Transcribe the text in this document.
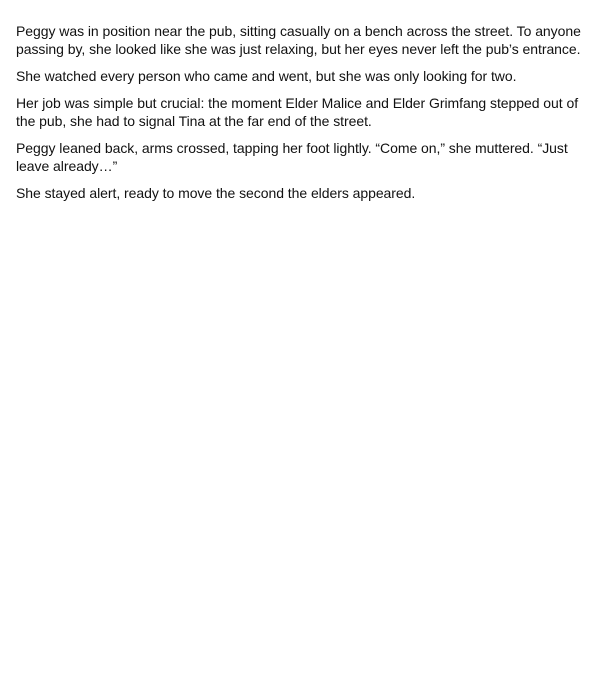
Peggy was in position near the pub, sitting casually on a bench across the street. To anyone passing by, she looked like she was just relaxing, but her eyes never left the pub’s entrance.

She watched every person who came and went, but she was only looking for two.

Her job was simple but crucial: the moment Elder Malice and Elder Grimfang stepped out of the pub, she had to signal Tina at the far end of the street.

Peggy leaned back, arms crossed, tapping her foot lightly. “Come on,” she muttered. “Just leave already…”

She stayed alert, ready to move the second the elders appeared.
